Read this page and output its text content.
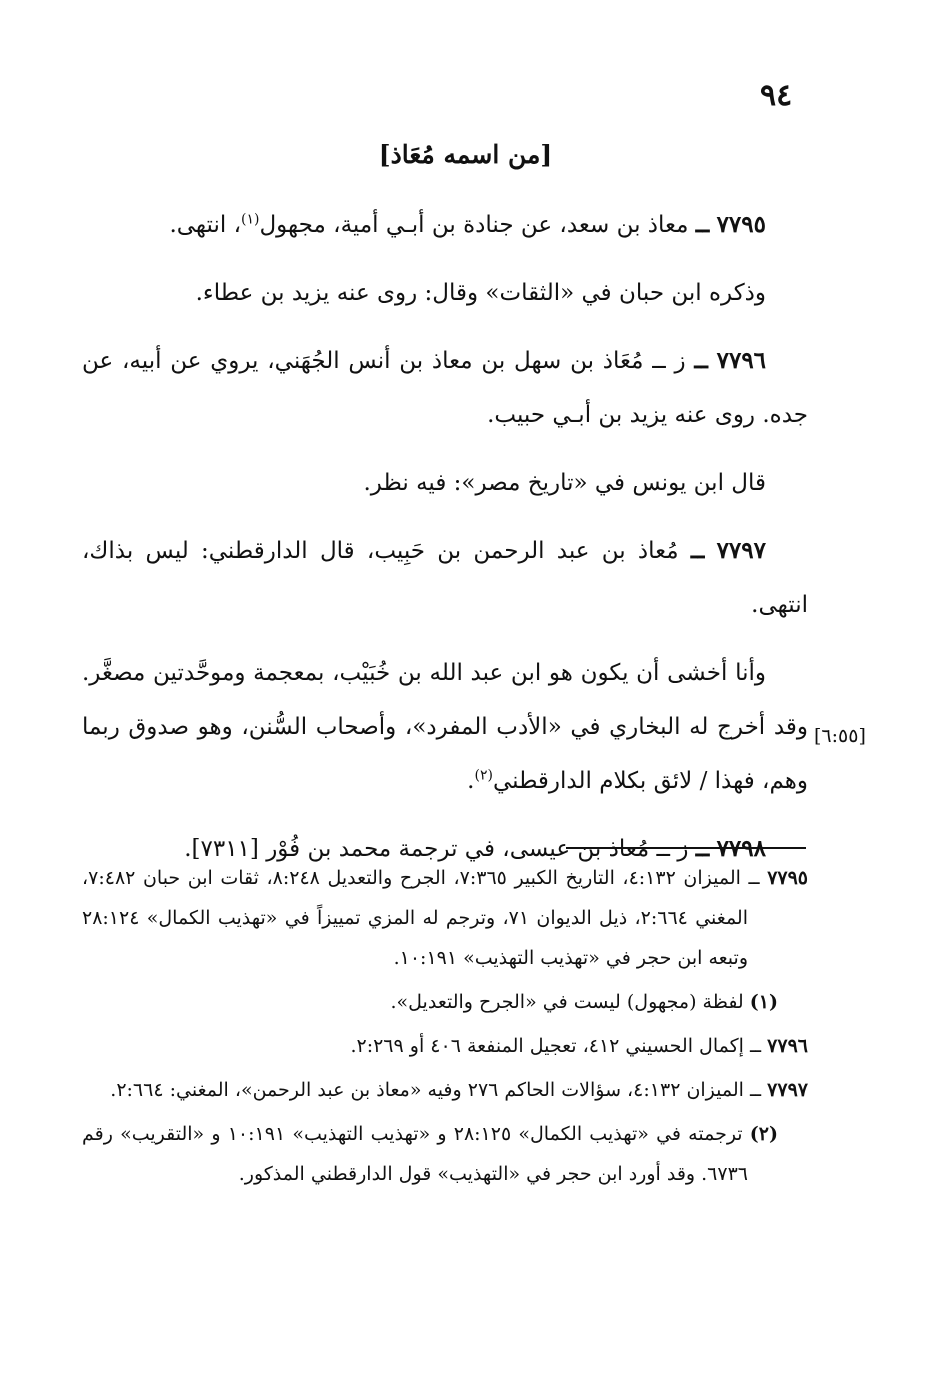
٩٤
[من اسمه مُعَاذ]

٧٧٩٥ ــ معاذ بن سعد، عن جنادة بن أبـي أمية، مجهول$^{(١)}$، انتهى.

وذكره ابن حبان في «الثقات» وقال: روى عنه يزيد بن عطاء.

٧٧٩٦ ــ ز ــ مُعَاذ بن سهل بن معاذ بن أنس الجُهَني، يروي عن أبيه، عن جده. روى عنه يزيد بن أبـي حبيب.

قال ابن يونس في «تاريخ مصر»: فيه نظر.

٧٧٩٧ ــ مُعاذ بن عبد الرحمن بن حَبِيب، قال الدارقطني: ليس بذاك، انتهى.

وأنا أخشى أن يكون هو ابن عبد الله بن خُبَيْب، بمعجمة وموحَّدتين مصغَّر. وقد أخرج له البخاري في «الأدب المفرد»، وأصحاب السُّنن، وهو صدوق ربما وهم، فهذا / لائق بكلام الدارقطني$^{(٢)}$.

٧٧٩٨ ــ ز ــ مُعاذ بن عيسى، في ترجمة محمد بن فُوْر [٧٣١١].

[٦:٥٥]

٧٧٩٥ ــ الميزان ٤:١٣٢، التاريخ الكبير ٧:٣٦٥، الجرح والتعديل ٨:٢٤٨، ثقات ابن حبان ٧:٤٨٢، المغني ٢:٦٦٤، ذيل الديوان ٧١، وترجم له المزي تمييزاً في «تهذيب الكمال» ٢٨:١٢٤ وتبعه ابن حجر في «تهذيب التهذيب» ١٠:١٩١.

(١) لفظة (مجهول) ليست في «الجرح والتعديل».

٧٧٩٦ ــ إكمال الحسيني ٤١٢، تعجيل المنفعة ٤٠٦ أو ٢:٢٦٩.

٧٧٩٧ ــ الميزان ٤:١٣٢، سؤالات الحاكم ٢٧٦ وفيه «معاذ بن عبد الرحمن»، المغني: ٢:٦٦٤.

(٢) ترجمته في «تهذيب الكمال» ٢٨:١٢٥ و «تهذيب التهذيب» ١٠:١٩١ و «التقريب» رقم ٦٧٣٦. وقد أورد ابن حجر في «التهذيب» قول الدارقطني المذكور.
